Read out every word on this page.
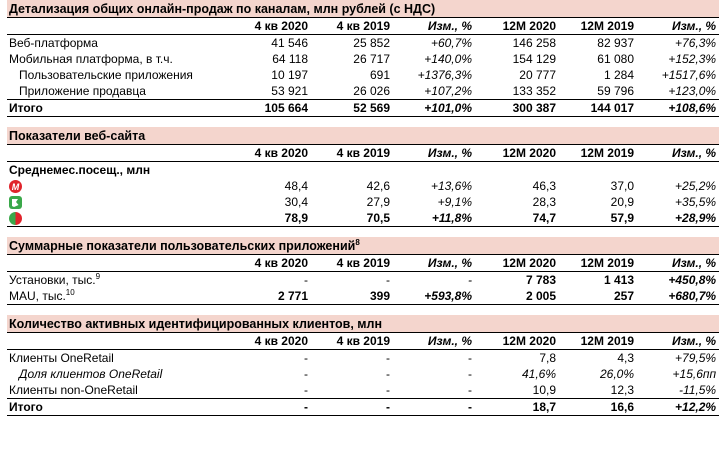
Детализация общих онлайн-продаж по каналам, млн рублей (с НДС)						
	4 кв 2020	4 кв 2019	Изм., %	12М 2020	12М 2019	Изм., %
Веб-платформа	41 546	25 852	+60,7%	146 258	82 937	+76,3%
Мобильная платформа, в т.ч.	64 118	26 717	+140,0%	154 129	61 080	+152,3%
Пользовательские приложения	10 197	691	+1376,3%	20 777	1 284	+1517,6%
Приложение продавца	53 921	26 026	+107,2%	133 352	59 796	+123,0%
Итого	105 664	52 569	+101,0%	300 387	144 017	+108,6%

Показатели веб-сайта						
	4 кв 2020	4 кв 2019	Изм., %	12М 2020	12М 2019	Изм., %
Среднемес.посещ., млн						

M	48,4	42,6	+13,6%	46,3	37,0	+25,2%

	30,4	27,9	+9,1%	28,3	20,9	+35,5%
	78,9	70,5	+11,8%	74,7	57,9	+28,9%

Суммарные показатели пользовательских приложений$^8$
	4 кв 2020	4 кв 2019	Изм., %	12М 2020	12М 2019	Изм., %
Установки, тыс.$^9$	-	-	-	7 783	1 413	+450,8%
MAU, тыс.$^{10}$	2 771	399	+593,8%	2 005	257	+680,7%

Количество активных идентифицированных клиентов, млн						
	4 кв 2020	4 кв 2019	Изм., %	12М 2020	12М 2019	Изм., %
Клиенты OneRetail	-	-	-	7,8	4,3	+79,5%
Доля клиентов OneRetail	-	-	-	41,6%	26,0%	+15,6пп
Клиенты non-OneRetail	-	-	-	10,9	12,3	-11,5%
Итого	-	-	-	18,7	16,6	+12,2%
